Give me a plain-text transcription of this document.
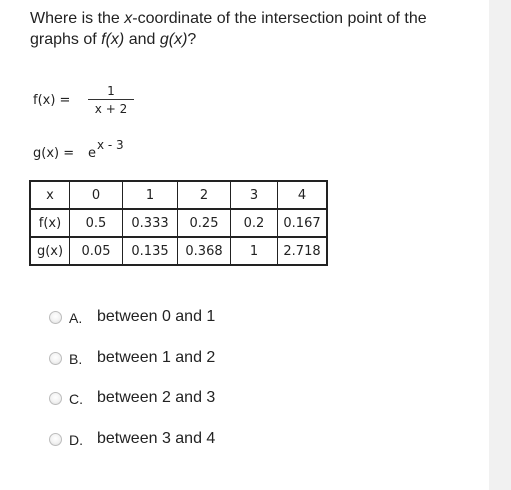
Where is the x-coordinate of the intersection point of the graphs of f(x) and g(x)?
f(x) =
1
x + 2
g(x) = e
x - 3
x	0	1	2	3	4
f(x)	0.5	0.333	0.25	0.2	0.167
g(x)	0.05	0.135	0.368	1	2.718
A. between 0 and 1
B. between 1 and 2
C. between 2 and 3
D. between 3 and 4
